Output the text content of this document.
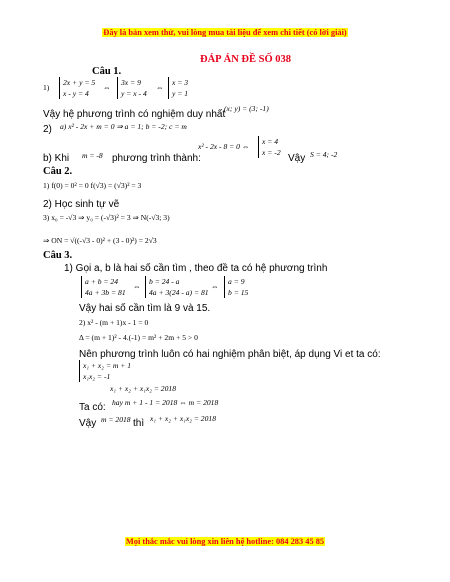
Đây là bản xem thử, vui lòng mua tài liệu để xem chi tiết (có lời giải)
ĐÁP ÁN ĐỀ SỐ 038
Câu 1.
1)
2x + y = 5
x - y = 4
⇔
3x = 9
y = x - 4
⇔
x = 3
y = 1
Vậy hệ phương trình có nghiệm duy nhất
(x; y) = (3; -1)
2) a) x² - 2x + m = 0 ⇒ a = 1; b = -2; c = m
x² - 2x - 8 = 0 ⇔
x = 4
x = -2
b) Khi m = -8 phương trình thành:	Vậy S = 4; -2
Câu 2.
1) f(0) = 0² = 0 f(√3) = (√3)² = 3
2) Học sinh tự vẽ
3) x₀ = -√3 ⇒ y₀ = (-√3)² = 3 ⇒ N(-√3; 3)
⇒ ON = √((-√3 - 0)² + (3 - 0)²) = 2√3
Câu 3.
1) Gọi a, b là hai số cần tìm , theo đề ta có hệ phương trình
a + b = 24
4a + 3b = 81
⇔
b = 24 - a
4a + 3(24 - a) = 81
⇔
a = 9
b = 15
Vậy hai số cần tìm là 9 và 15.
2) x² - (m + 1)x - 1 = 0
Δ = (m + 1)² - 4.(-1) = m² + 2m + 5 > 0
Nên phương trình luôn có hai nghiệm phân biệt, áp dụng Vi et ta có:
x₁ + x₂ = m + 1
x₁x₂ = -1
x₁ + x₂ + x₁x₂ = 2018
Ta có: hay m + 1 - 1 = 2018 ⇔ m = 2018
Vậy m = 2018 thì x₁ + x₂ + x₁x₂ = 2018
Mọi thắc mắc vui lòng xin liên hệ hotline: 084 283 45 85
